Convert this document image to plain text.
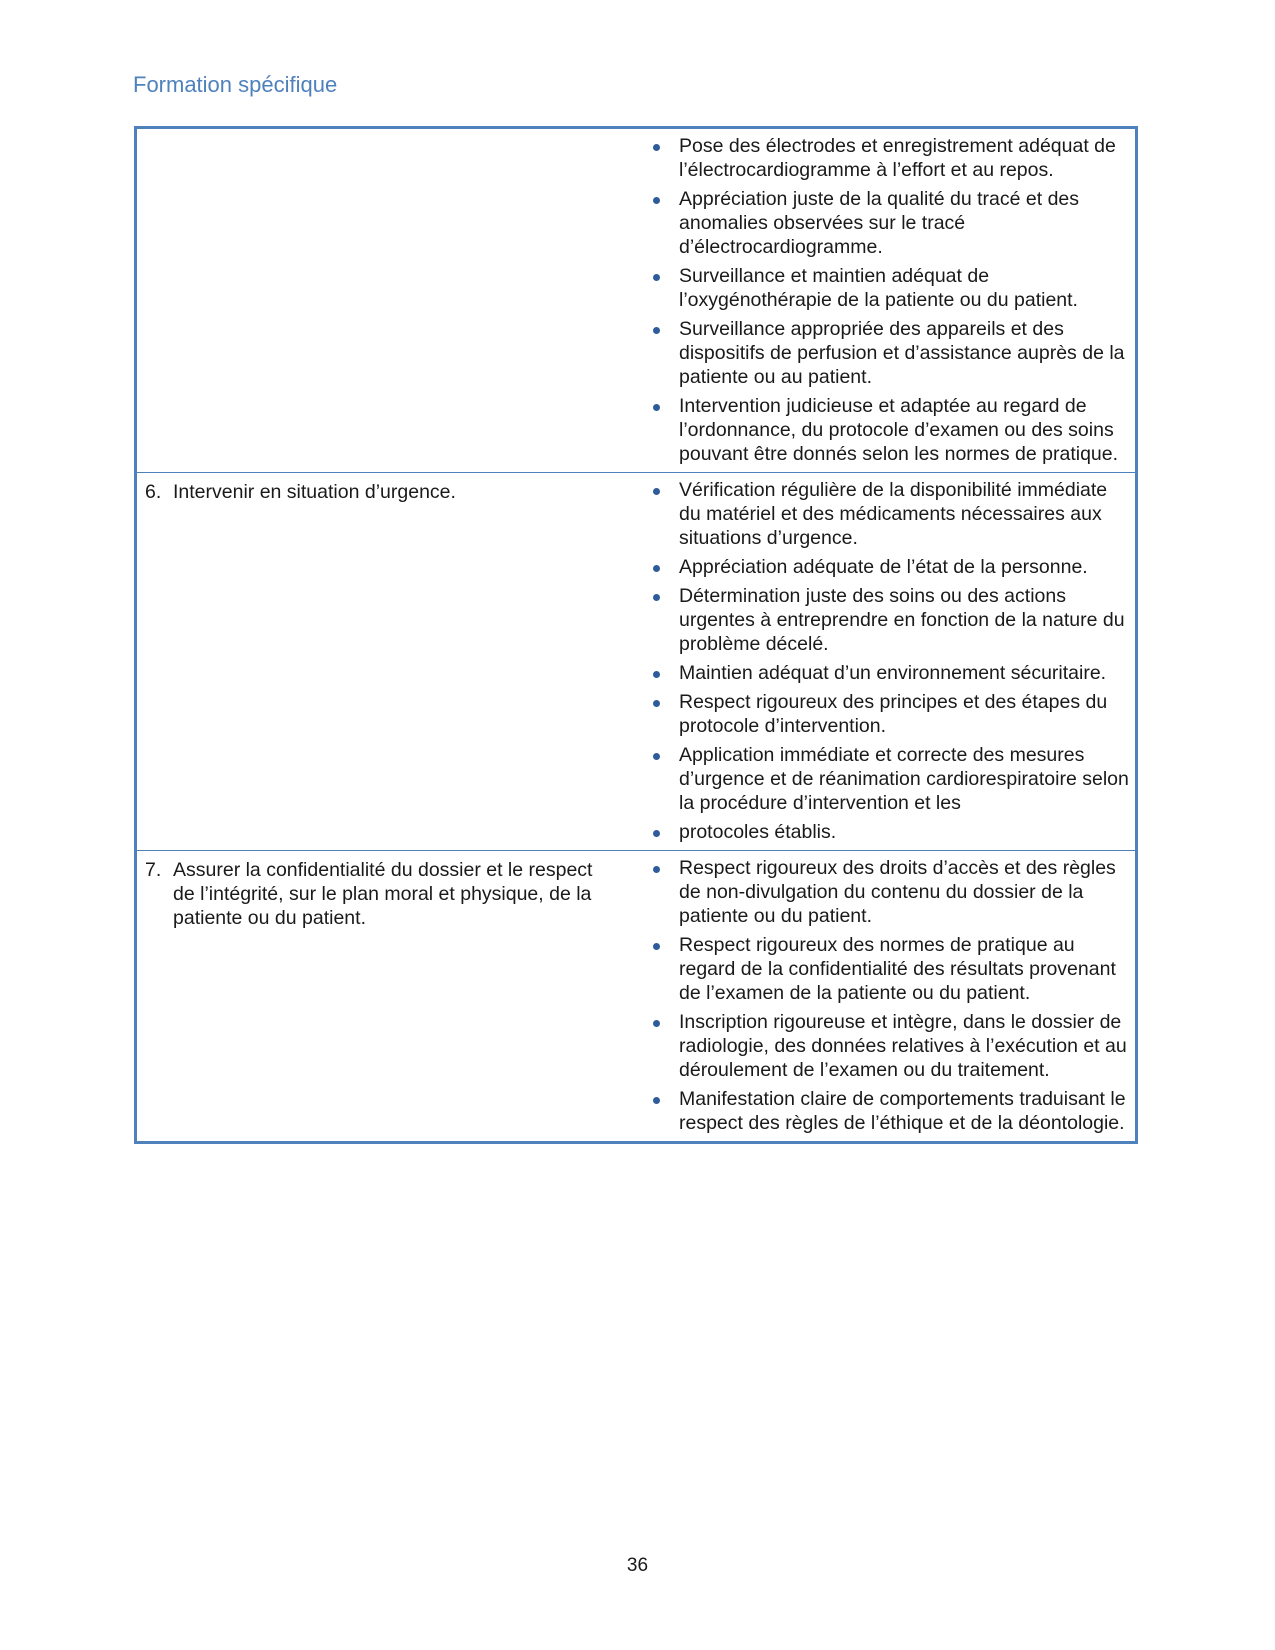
Formation spécifique
Pose des électrodes et enregistrement adéquat de l’électrocardiogramme à l’effort et au repos.
Appréciation juste de la qualité du tracé et des anomalies observées sur le tracé d’électrocardiogramme.
Surveillance et maintien adéquat de l’oxygénothérapie de la patiente ou du patient.
Surveillance appropriée des appareils et des dispositifs de perfusion et d’assistance auprès de la patiente ou au patient.
Intervention judicieuse et adaptée au regard de l’ordonnance, du protocole d’examen ou des soins pouvant être donnés selon les normes de pratique.
6. Intervenir en situation d’urgence.	Vérification régulière de la disponibilité immédiate du matériel et des médicaments nécessaires aux situations d’urgence.
Appréciation adéquate de l’état de la personne.
Détermination juste des soins ou des actions urgentes à entreprendre en fonction de la nature du problème décelé.
Maintien adéquat d’un environnement sécuritaire.
Respect rigoureux des principes et des étapes du protocole d’intervention.
Application immédiate et correcte des mesures d’urgence et de réanimation cardiorespiratoire selon la procédure d’intervention et les
protocoles établis.
7. Assurer la confidentialité du dossier et le respect de l’intégrité, sur le plan moral et physique, de la patiente ou du patient.
Respect rigoureux des droits d’accès et des règles de non-divulgation du contenu du dossier de la patiente ou du patient.
Respect rigoureux des normes de pratique au regard de la confidentialité des résultats provenant de l’examen de la patiente ou du patient.
Inscription rigoureuse et intègre, dans le dossier de radiologie, des données relatives à l’exécution et au déroulement de l’examen ou du traitement.
Manifestation claire de comportements traduisant le respect des règles de l’éthique et de la déontologie.
36
